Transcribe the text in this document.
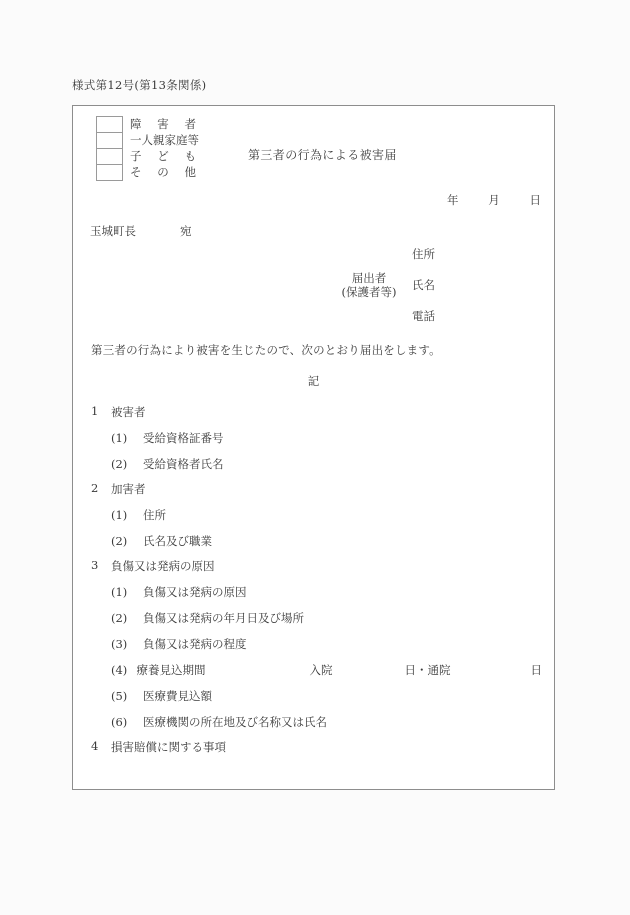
様式第12号(第13条関係)
障 害 者
一人 親家庭 等
子 ど も
そ の 他
第三者の行為による被害届
年	月	日
玉城町長	宛
届出者
(保護者等)
住所
氏名
電話
第三者の行為により被害を生じたので、次のとおり届出をします。
記
1	被害者
(1)	受給資格証番号
(2)	受給資格者氏名
2	加害者
(1)	住所
(2)	氏名及び職業
3	負傷又は発病の原因
(1)	負傷又は発病の原因
(2)	負傷又は発病の年月日及び場所
(3)	負傷又は発病の程度
(4) 療養見込期間	入院	日・通院	日
(5)	医療費見込額
(6)	医療機関の所在地及び名称又は氏名
4	損害賠償に関する事項
